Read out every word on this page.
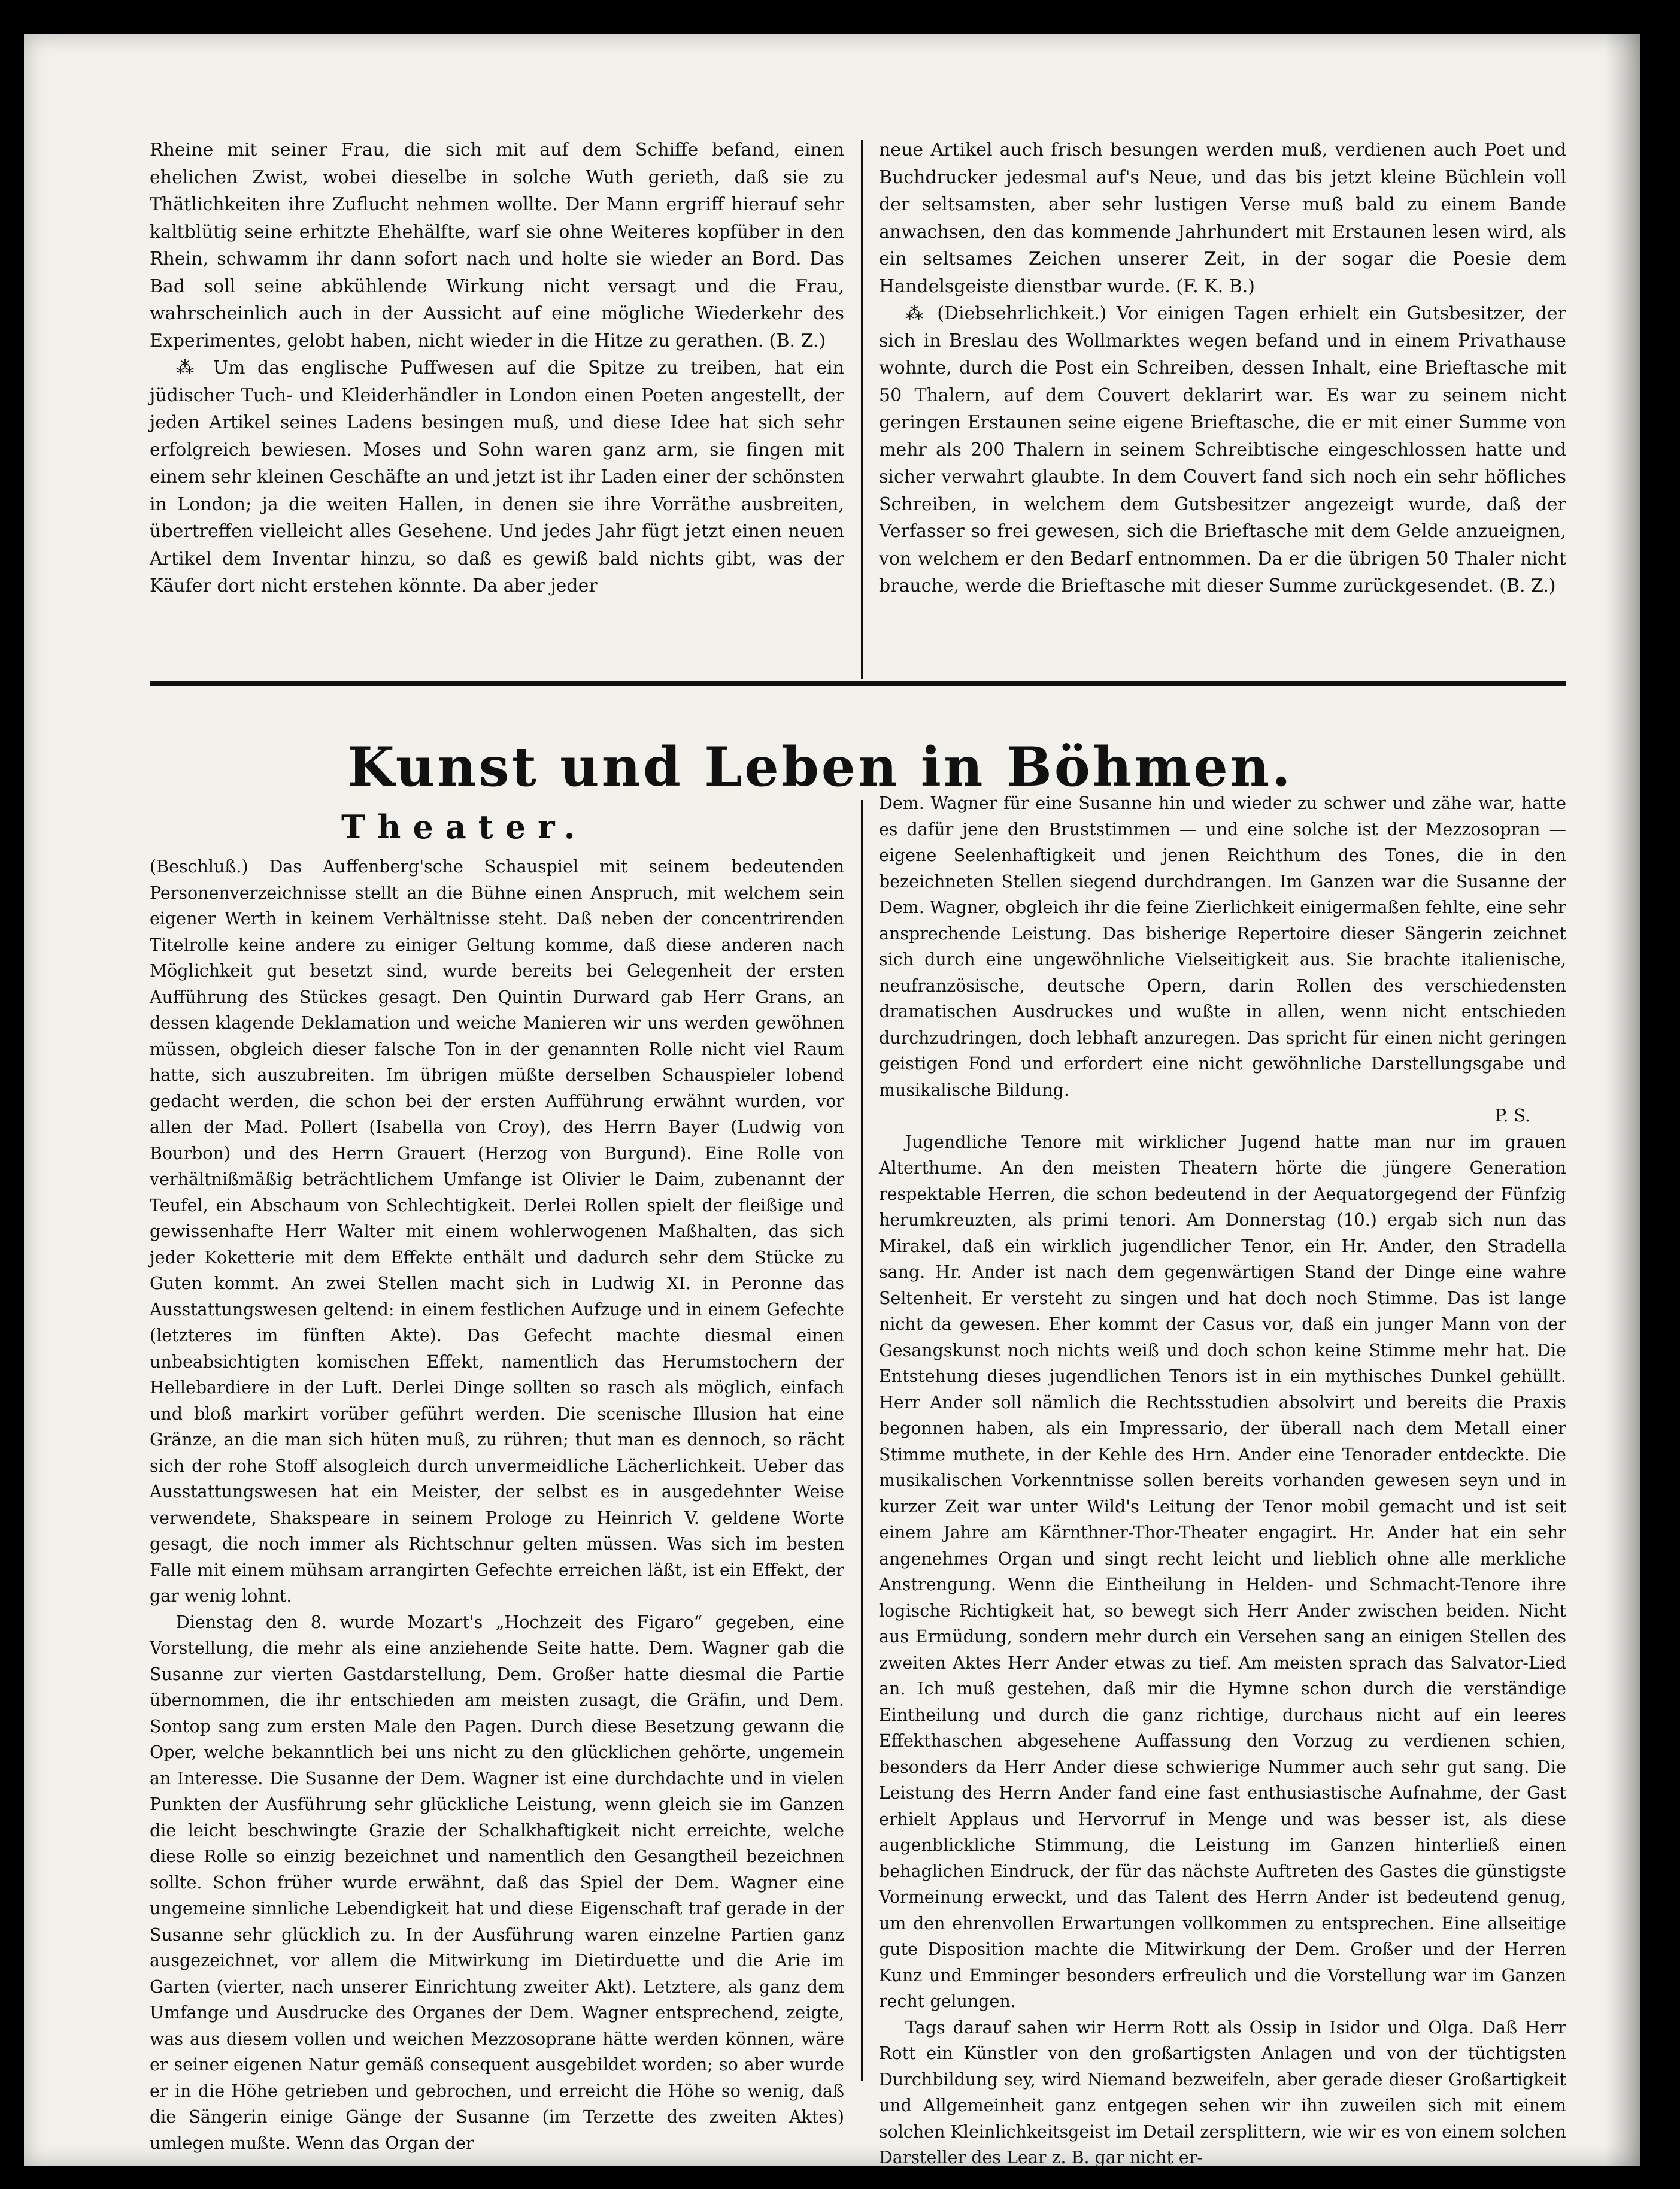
Rheine mit seiner Frau, die sich mit auf dem Schiffe befand, einen ehelichen Zwist, wobei dieselbe in solche Wuth gerieth, daß sie zu Thätlichkeiten ihre Zuflucht nehmen wollte. Der Mann ergriff hierauf sehr kaltblütig seine erhitzte Ehehälfte, warf sie ohne Weiteres kopfüber in den Rhein, schwamm ihr dann sofort nach und holte sie wieder an Bord. Das Bad soll seine abkühlende Wirkung nicht versagt und die Frau, wahrscheinlich auch in der Aussicht auf eine mögliche Wiederkehr des Experimentes, gelobt haben, nicht wieder in die Hitze zu gerathen. (B. Z.)

⁂ Um das englische Puffwesen auf die Spitze zu treiben, hat ein jüdischer Tuch- und Kleiderhändler in London einen Poeten angestellt, der jeden Artikel seines Ladens besingen muß, und diese Idee hat sich sehr erfolgreich bewiesen. Moses und Sohn waren ganz arm, sie fingen mit einem sehr kleinen Geschäfte an und jetzt ist ihr Laden einer der schönsten in London; ja die weiten Hallen, in denen sie ihre Vorräthe ausbreiten, übertreffen vielleicht alles Gesehene. Und jedes Jahr fügt jetzt einen neuen Artikel dem Inventar hinzu, so daß es gewiß bald nichts gibt, was der Käufer dort nicht erstehen könnte. Da aber jeder

neue Artikel auch frisch besungen werden muß, verdienen auch Poet und Buchdrucker jedesmal auf's Neue, und das bis jetzt kleine Büchlein voll der seltsamsten, aber sehr lustigen Verse muß bald zu einem Bande anwachsen, den das kommende Jahrhundert mit Erstaunen lesen wird, als ein seltsames Zeichen unserer Zeit, in der sogar die Poesie dem Handelsgeiste dienstbar wurde. (F. K. B.)

⁂ (Diebsehrlichkeit.) Vor einigen Tagen erhielt ein Gutsbesitzer, der sich in Breslau des Wollmarktes wegen befand und in einem Privathause wohnte, durch die Post ein Schreiben, dessen Inhalt, eine Brieftasche mit 50 Thalern, auf dem Couvert deklarirt war. Es war zu seinem nicht geringen Erstaunen seine eigene Brieftasche, die er mit einer Summe von mehr als 200 Thalern in seinem Schreibtische eingeschlossen hatte und sicher verwahrt glaubte. In dem Couvert fand sich noch ein sehr höfliches Schreiben, in welchem dem Gutsbesitzer angezeigt wurde, daß der Verfasser so frei gewesen, sich die Brieftasche mit dem Gelde anzueignen, von welchem er den Bedarf entnommen. Da er die übrigen 50 Thaler nicht brauche, werde die Brieftasche mit dieser Summe zurückgesendet. (B. Z.)

Kunst und Leben in Böhmen.
Theater.

(Beschluß.) Das Auffenberg'sche Schauspiel mit seinem bedeutenden Personenverzeichnisse stellt an die Bühne einen Anspruch, mit welchem sein eigener Werth in keinem Verhältnisse steht. Daß neben der concentrirenden Titelrolle keine andere zu einiger Geltung komme, daß diese anderen nach Möglichkeit gut besetzt sind, wurde bereits bei Gelegenheit der ersten Aufführung des Stückes gesagt. Den Quintin Durward gab Herr Grans, an dessen klagende Deklamation und weiche Manieren wir uns werden gewöhnen müssen, obgleich dieser falsche Ton in der genannten Rolle nicht viel Raum hatte, sich auszubreiten. Im übrigen müßte derselben Schauspieler lobend gedacht werden, die schon bei der ersten Aufführung erwähnt wurden, vor allen der Mad. Pollert (Isabella von Croy), des Herrn Bayer (Ludwig von Bourbon) und des Herrn Grauert (Herzog von Burgund). Eine Rolle von verhältnißmäßig beträchtlichem Umfange ist Olivier le Daim, zubenannt der Teufel, ein Abschaum von Schlechtigkeit. Derlei Rollen spielt der fleißige und gewissenhafte Herr Walter mit einem wohlerwogenen Maßhalten, das sich jeder Koketterie mit dem Effekte enthält und dadurch sehr dem Stücke zu Guten kommt. An zwei Stellen macht sich in Ludwig XI. in Peronne das Ausstattungswesen geltend: in einem festlichen Aufzuge und in einem Gefechte (letzteres im fünften Akte). Das Gefecht machte diesmal einen unbeabsichtigten komischen Effekt, namentlich das Herumstochern der Hellebardiere in der Luft. Derlei Dinge sollten so rasch als möglich, einfach und bloß markirt vorüber geführt werden. Die scenische Illusion hat eine Gränze, an die man sich hüten muß, zu rühren; thut man es dennoch, so rächt sich der rohe Stoff alsogleich durch unvermeidliche Lächerlichkeit. Ueber das Ausstattungswesen hat ein Meister, der selbst es in ausgedehnter Weise verwendete, Shakspeare in seinem Prologe zu Heinrich V. geldene Worte gesagt, die noch immer als Richtschnur gelten müssen. Was sich im besten Falle mit einem mühsam arrangirten Gefechte erreichen läßt, ist ein Effekt, der gar wenig lohnt.

Dienstag den 8. wurde Mozart's „Hochzeit des Figaro“ gegeben, eine Vorstellung, die mehr als eine anziehende Seite hatte. Dem. Wagner gab die Susanne zur vierten Gastdarstellung, Dem. Großer hatte diesmal die Partie übernommen, die ihr entschieden am meisten zusagt, die Gräfin, und Dem. Sontop sang zum ersten Male den Pagen. Durch diese Besetzung gewann die Oper, welche bekanntlich bei uns nicht zu den glücklichen gehörte, ungemein an Interesse. Die Susanne der Dem. Wagner ist eine durchdachte und in vielen Punkten der Ausführung sehr glückliche Leistung, wenn gleich sie im Ganzen die leicht beschwingte Grazie der Schalkhaftigkeit nicht erreichte, welche diese Rolle so einzig bezeichnet und namentlich den Gesangtheil bezeichnen sollte. Schon früher wurde erwähnt, daß das Spiel der Dem. Wagner eine ungemeine sinnliche Lebendigkeit hat und diese Eigenschaft traf gerade in der Susanne sehr glücklich zu. In der Ausführung waren einzelne Partien ganz ausgezeichnet, vor allem die Mitwirkung im Dietirduette und die Arie im Garten (vierter, nach unserer Einrichtung zweiter Akt). Letztere, als ganz dem Umfange und Ausdrucke des Organes der Dem. Wagner entsprechend, zeigte, was aus diesem vollen und weichen Mezzosoprane hätte werden können, wäre er seiner eigenen Natur gemäß consequent ausgebildet worden; so aber wurde er in die Höhe getrieben und gebrochen, und erreicht die Höhe so wenig, daß die Sängerin einige Gänge der Susanne (im Terzette des zweiten Aktes) umlegen mußte. Wenn das Organ der

Dem. Wagner für eine Susanne hin und wieder zu schwer und zähe war, hatte es dafür jene den Bruststimmen — und eine solche ist der Mezzosopran — eigene Seelenhaftigkeit und jenen Reichthum des Tones, die in den bezeichneten Stellen siegend durchdrangen. Im Ganzen war die Susanne der Dem. Wagner, obgleich ihr die feine Zierlichkeit einigermaßen fehlte, eine sehr ansprechende Leistung. Das bisherige Repertoire dieser Sängerin zeichnet sich durch eine ungewöhnliche Vielseitigkeit aus. Sie brachte italienische, neufranzösische, deutsche Opern, darin Rollen des verschiedensten dramatischen Ausdruckes und wußte in allen, wenn nicht entschieden durchzudringen, doch lebhaft anzuregen. Das spricht für einen nicht geringen geistigen Fond und erfordert eine nicht gewöhnliche Darstellungsgabe und musikalische Bildung.

P. S.

Jugendliche Tenore mit wirklicher Jugend hatte man nur im grauen Alterthume. An den meisten Theatern hörte die jüngere Generation respektable Herren, die schon bedeutend in der Aequatorgegend der Fünfzig herumkreuzten, als primi tenori. Am Donnerstag (10.) ergab sich nun das Mirakel, daß ein wirklich jugendlicher Tenor, ein Hr. Ander, den Stradella sang. Hr. Ander ist nach dem gegenwärtigen Stand der Dinge eine wahre Seltenheit. Er versteht zu singen und hat doch noch Stimme. Das ist lange nicht da gewesen. Eher kommt der Casus vor, daß ein junger Mann von der Gesangskunst noch nichts weiß und doch schon keine Stimme mehr hat. Die Entstehung dieses jugendlichen Tenors ist in ein mythisches Dunkel gehüllt. Herr Ander soll nämlich die Rechtsstudien absolvirt und bereits die Praxis begonnen haben, als ein Impressario, der überall nach dem Metall einer Stimme muthete, in der Kehle des Hrn. Ander eine Tenorader entdeckte. Die musikalischen Vorkenntnisse sollen bereits vorhanden gewesen seyn und in kurzer Zeit war unter Wild's Leitung der Tenor mobil gemacht und ist seit einem Jahre am Kärnthner-Thor-Theater engagirt. Hr. Ander hat ein sehr angenehmes Organ und singt recht leicht und lieblich ohne alle merkliche Anstrengung. Wenn die Eintheilung in Helden- und Schmacht-Tenore ihre logische Richtigkeit hat, so bewegt sich Herr Ander zwischen beiden. Nicht aus Ermüdung, sondern mehr durch ein Versehen sang an einigen Stellen des zweiten Aktes Herr Ander etwas zu tief. Am meisten sprach das Salvator-Lied an. Ich muß gestehen, daß mir die Hymne schon durch die verständige Eintheilung und durch die ganz richtige, durchaus nicht auf ein leeres Effekthaschen abgesehene Auffassung den Vorzug zu verdienen schien, besonders da Herr Ander diese schwierige Nummer auch sehr gut sang. Die Leistung des Herrn Ander fand eine fast enthusiastische Aufnahme, der Gast erhielt Applaus und Hervorruf in Menge und was besser ist, als diese augenblickliche Stimmung, die Leistung im Ganzen hinterließ einen behaglichen Eindruck, der für das nächste Auftreten des Gastes die günstigste Vormeinung erweckt, und das Talent des Herrn Ander ist bedeutend genug, um den ehrenvollen Erwartungen vollkommen zu entsprechen. Eine allseitige gute Disposition machte die Mitwirkung der Dem. Großer und der Herren Kunz und Emminger besonders erfreulich und die Vorstellung war im Ganzen recht gelungen.

Tags darauf sahen wir Herrn Rott als Ossip in Isidor und Olga. Daß Herr Rott ein Künstler von den großartigsten Anlagen und von der tüchtigsten Durchbildung sey, wird Niemand bezweifeln, aber gerade dieser Großartigkeit und Allgemeinheit ganz entgegen sehen wir ihn zuweilen sich mit einem solchen Kleinlichkeitsgeist im Detail zersplittern, wie wir es von einem solchen Darsteller des Lear z. B. gar nicht er-
